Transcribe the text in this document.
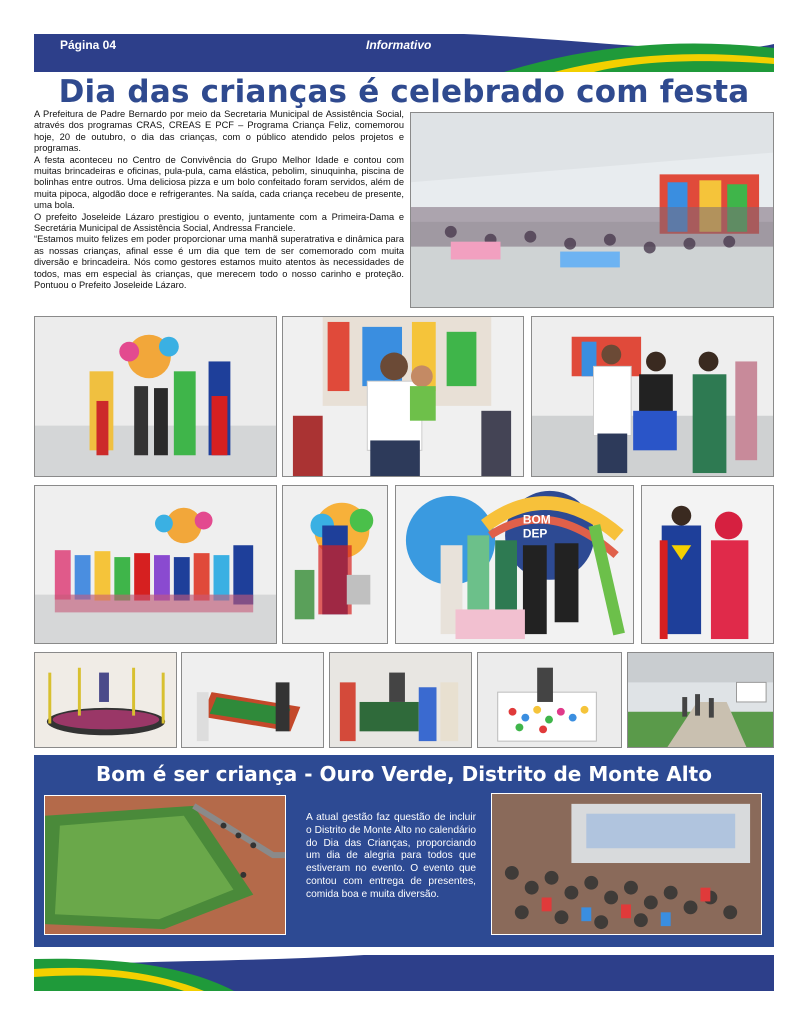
Página 04	Informativo
Dia das crianças é celebrado com festa

A Prefeitura de Padre Bernardo por meio da Secretaria Municipal de Assistência Social, através dos programas CRAS, CREAS E PCF – Programa Criança Feliz, comemorou hoje, 20 de outubro, o dia das crianças, com o público atendido pelos projetos e programas.

A festa aconteceu no Centro de Convivência do Grupo Melhor Idade e contou com muitas brincadeiras e oficinas, pula-pula, cama elástica, pebolim, sinuquinha, piscina de bolinhas entre outros. Uma deliciosa pizza e um bolo confeitado foram servidos, além de muita pipoca, algodão doce e refrigerantes. Na saída, cada criança recebeu de presente, uma bola.

O prefeito Joseleide Lázaro prestigiou o evento, juntamente com a Primeira-Dama e Secretária Municipal de Assistência Social, Andressa Franciele.

“Estamos muito felizes em poder proporcionar uma manhã superatrativa e dinâmica para as nossas crianças, afinal esse é um dia que tem de ser comemorado com muita diversão e brincadeira. Nós como gestores estamos muito atentos às necessidades de todos, mas em especial às crianças, que merecem todo o nosso carinho e proteção. Pontuou o Prefeito Joseleide Lázaro.

BOM
DEP
Bom é ser criança - Ouro Verde, Distrito de Monte Alto

A atual gestão faz questão de incluir o Distrito de Monte Alto no calendário do Dia das Crianças, proporciando um dia de alegria para todos que estiveram no evento. O evento que contou com entrega de presentes, comida boa e muita diversão.
